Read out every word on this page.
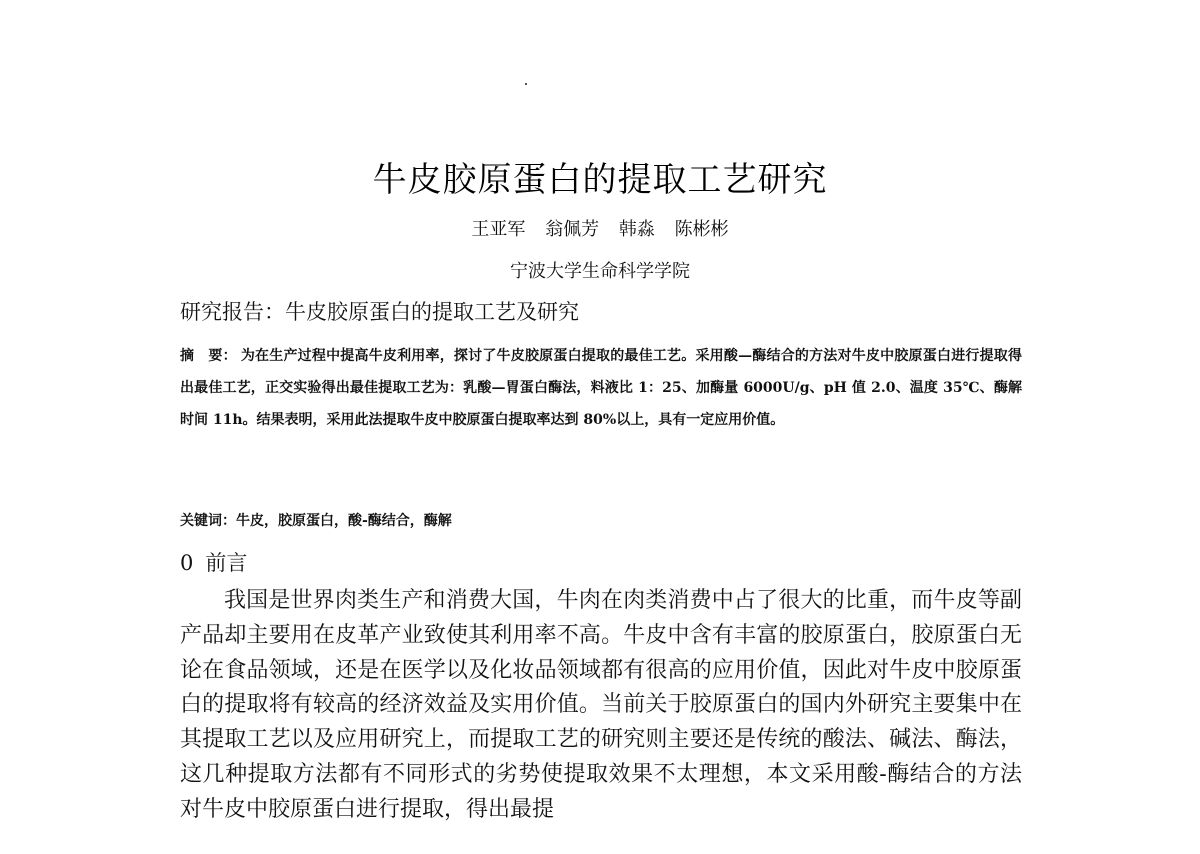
牛皮胶原蛋白的提取工艺研究
王亚军 翁佩芳 韩淼 陈彬彬
宁波大学生命科学学院
研究报告：牛皮胶原蛋白的提取工艺及研究
摘　要： 为在生产过程中提高牛皮利用率，探讨了牛皮胶原蛋白提取的最佳工艺。采用酸—酶结合的方法对牛皮中胶原蛋白进行提取得出最佳工艺，正交实验得出最佳提取工艺为：乳酸—胃蛋白酶法，料液比 1：25、加酶量 6000U/g、pH 值 2.0、温度 35℃、酶解时间 11h。结果表明，采用此法提取牛皮中胶原蛋白提取率达到 80%以上，具有一定应用价值。
关键词：牛皮，胶原蛋白，酸-酶结合，酶解
0 前言

我国是世界肉类生产和消费大国，牛肉在肉类消费中占了很大的比重，而牛皮等副产品却主要用在皮革产业致使其利用率不高。牛皮中含有丰富的胶原蛋白，胶原蛋白无论在食品领域，还是在医学以及化妆品领域都有很高的应用价值，因此对牛皮中胶原蛋白的提取将有较高的经济效益及实用价值。当前关于胶原蛋白的国内外研究主要集中在其提取工艺以及应用研究上，而提取工艺的研究则主要还是传统的酸法、碱法、酶法，这几种提取方法都有不同形式的劣势使提取效果不太理想，本文采用酸-酶结合的方法对牛皮中胶原蛋白进行提取，得出最提
